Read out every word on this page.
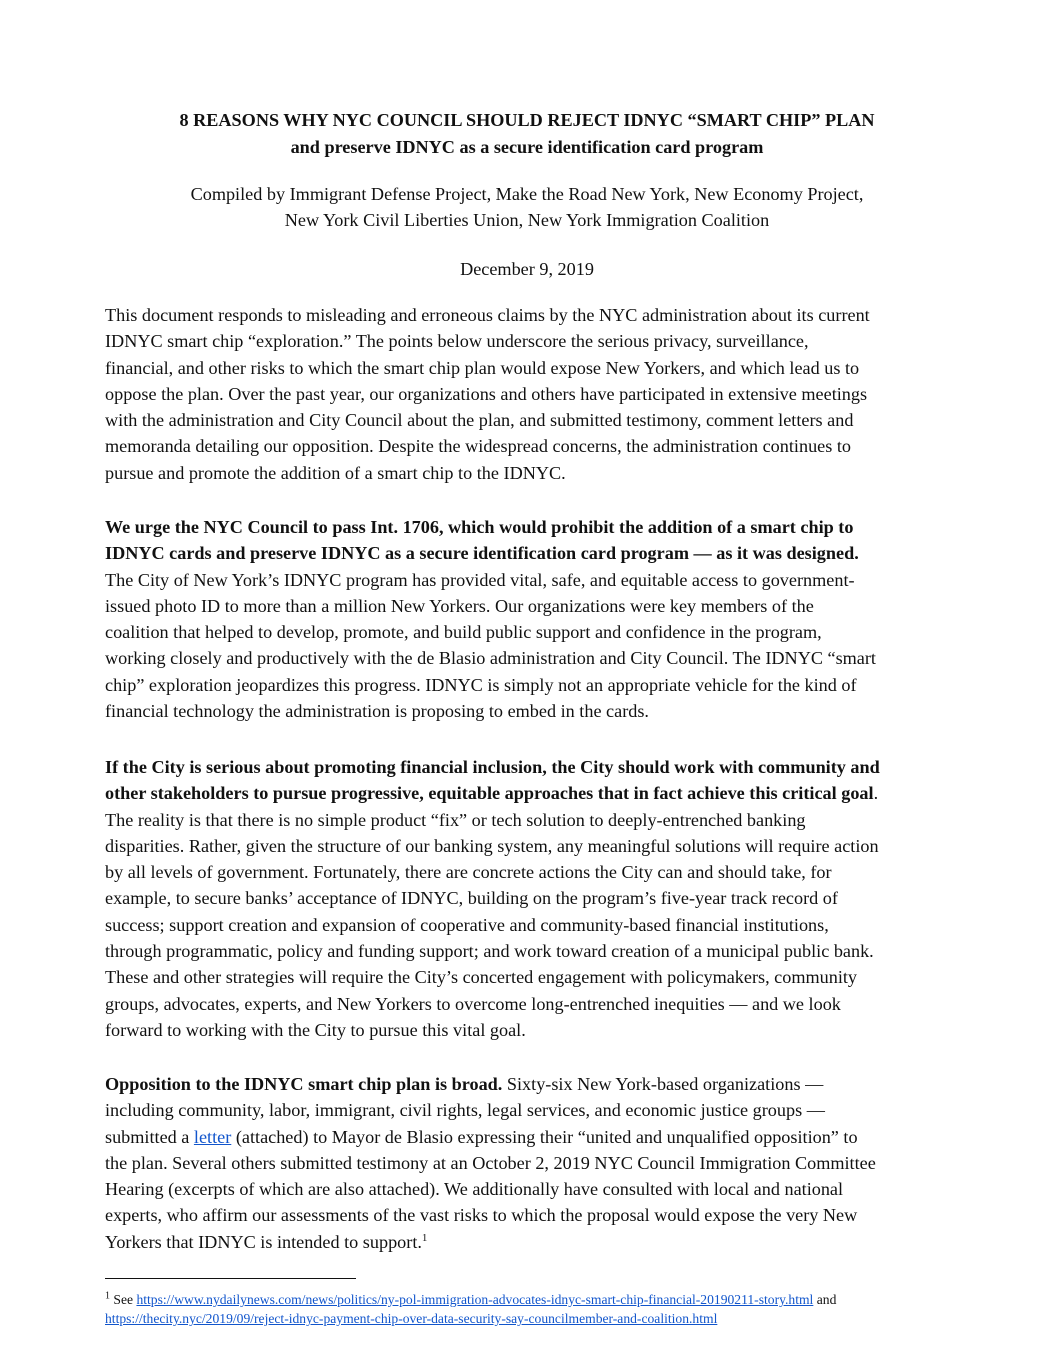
8 REASONS WHY NYC COUNCIL SHOULD REJECT IDNYC “SMART CHIP” PLAN
and preserve IDNYC as a secure identification card program
Compiled by Immigrant Defense Project, Make the Road New York, New Economy Project,
New York Civil Liberties Union, New York Immigration Coalition
December 9, 2019
This document responds to misleading and erroneous claims by the NYC administration about its current
IDNYC smart chip “exploration.” The points below underscore the serious privacy, surveillance,
financial, and other risks to which the smart chip plan would expose New Yorkers, and which lead us to
oppose the plan. Over the past year, our organizations and others have participated in extensive meetings
with the administration and City Council about the plan, and submitted testimony, comment letters and
memoranda detailing our opposition. Despite the widespread concerns, the administration continues to
pursue and promote the addition of a smart chip to the IDNYC.
We urge the NYC Council to pass Int. 1706, which would prohibit the addition of a smart chip to
IDNYC cards and preserve IDNYC as a secure identification card program — as it was designed.
The City of New York’s IDNYC program has provided vital, safe, and equitable access to government-
issued photo ID to more than a million New Yorkers. Our organizations were key members of the
coalition that helped to develop, promote, and build public support and confidence in the program,
working closely and productively with the de Blasio administration and City Council. The IDNYC “smart
chip” exploration jeopardizes this progress. IDNYC is simply not an appropriate vehicle for the kind of
financial technology the administration is proposing to embed in the cards.
If the City is serious about promoting financial inclusion, the City should work with community and
other stakeholders to pursue progressive, equitable approaches that in fact achieve this critical goal.
The reality is that there is no simple product “fix” or tech solution to deeply-entrenched banking
disparities. Rather, given the structure of our banking system, any meaningful solutions will require action
by all levels of government. Fortunately, there are concrete actions the City can and should take, for
example, to secure banks’ acceptance of IDNYC, building on the program’s five-year track record of
success; support creation and expansion of cooperative and community-based financial institutions,
through programmatic, policy and funding support; and work toward creation of a municipal public bank.
These and other strategies will require the City’s concerted engagement with policymakers, community
groups, advocates, experts, and New Yorkers to overcome long-entrenched inequities — and we look
forward to working with the City to pursue this vital goal.
Opposition to the IDNYC smart chip plan is broad. Sixty-six New York-based organizations —
including community, labor, immigrant, civil rights, legal services, and economic justice groups —
submitted a letter (attached) to Mayor de Blasio expressing their “united and unqualified opposition” to
the plan. Several others submitted testimony at an October 2, 2019 NYC Council Immigration Committee
Hearing (excerpts of which are also attached). We additionally have consulted with local and national
experts, who affirm our assessments of the vast risks to which the proposal would expose the very New
Yorkers that IDNYC is intended to support.$^1$
$^1$ See https://www.nydailynews.com/news/politics/ny-pol-immigration-advocates-idnyc-smart-chip-financial-20190211-story.html and
https://thecity.nyc/2019/09/reject-idnyc-payment-chip-over-data-security-say-councilmember-and-coalition.html
